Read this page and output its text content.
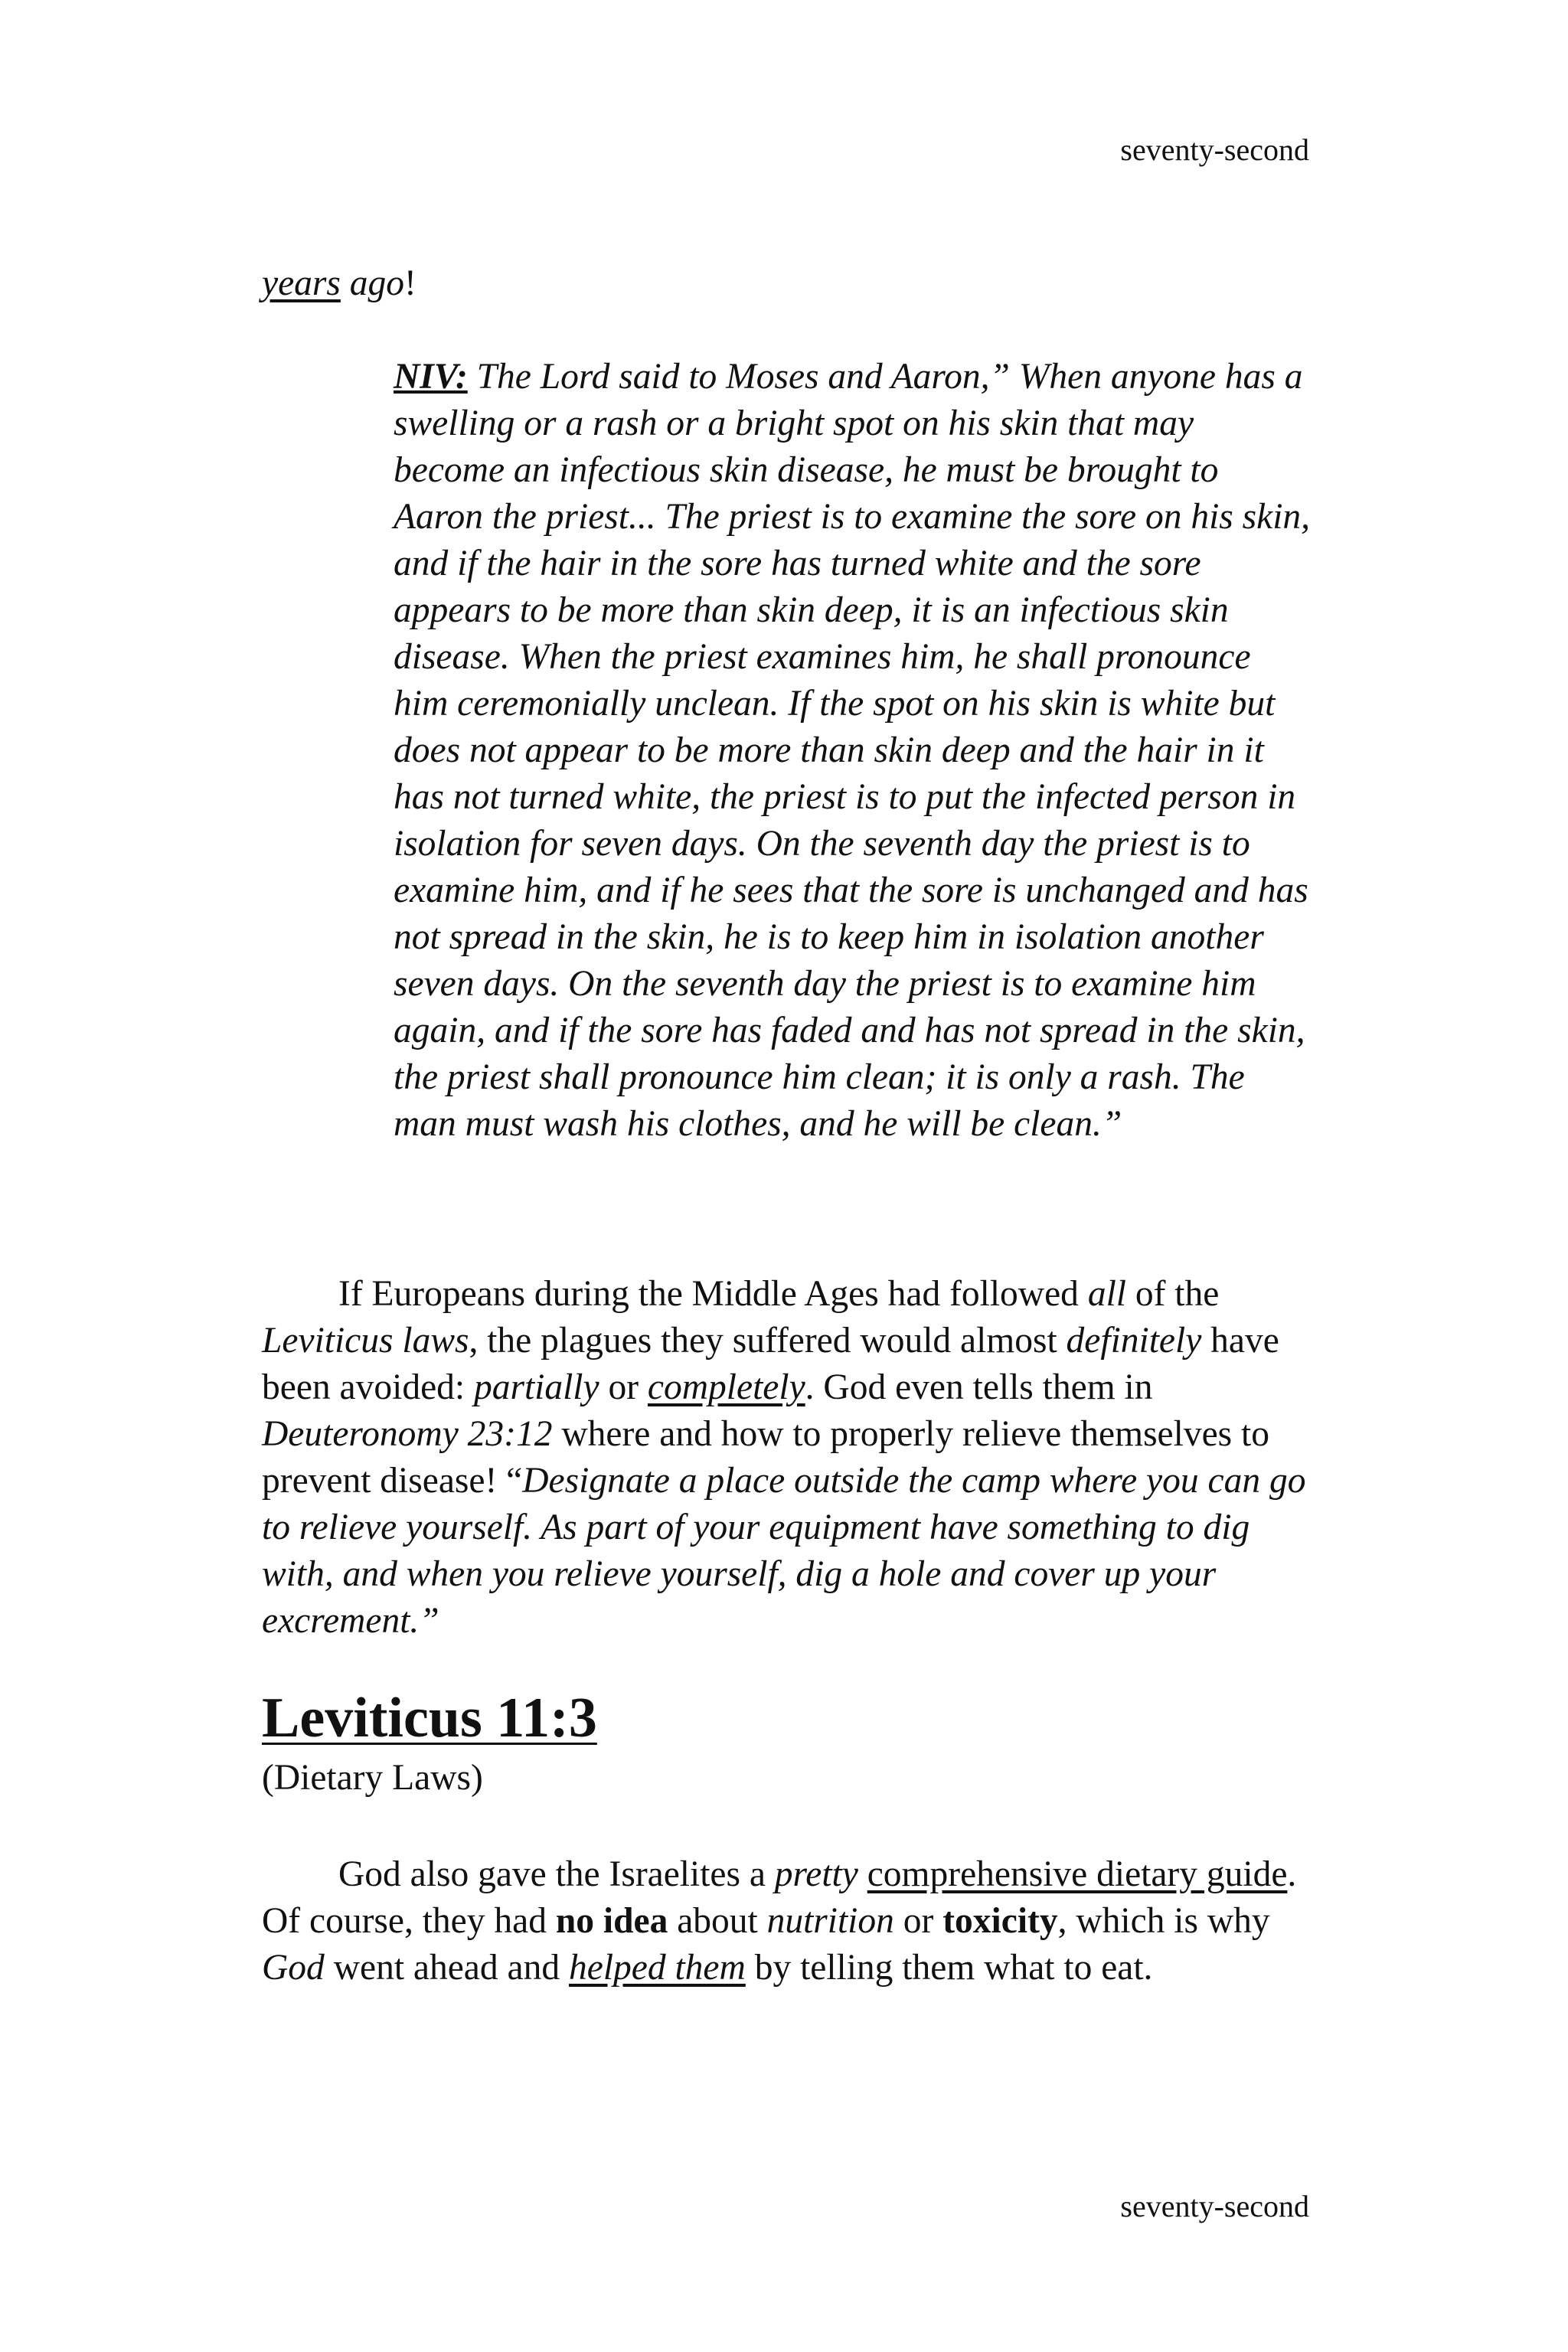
seventy-second

years ago!

NIV: The Lord said to Moses and Aaron,” When anyone has a swelling or a rash or a bright spot on his skin that may become an infectious skin disease, he must be brought to Aaron the priest... The priest is to examine the sore on his skin, and if the hair in the sore has turned white and the sore appears to be more than skin deep, it is an infectious skin disease. When the priest examines him, he shall pronounce him ceremonially unclean. If the spot on his skin is white but does not appear to be more than skin deep and the hair in it has not turned white, the priest is to put the infected person in isolation for seven days. On the seventh day the priest is to examine him, and if he sees that the sore is unchanged and has not spread in the skin, he is to keep him in isolation another seven days. On the seventh day the priest is to examine him again, and if the sore has faded and has not spread in the skin, the priest shall pronounce him clean; it is only a rash. The man must wash his clothes, and he will be clean.”

If Europeans during the Middle Ages had followed all of the Leviticus laws, the plagues they suffered would almost definitely have been avoided: partially or completely. God even tells them in Deuteronomy 23:12 where and how to properly relieve themselves to prevent disease! “Designate a place outside the camp where you can go to relieve yourself. As part of your equipment have something to dig with, and when you relieve yourself, dig a hole and cover up your excrement.”

Leviticus 11:3

(Dietary Laws)

God also gave the Israelites a pretty comprehensive dietary guide. Of course, they had no idea about nutrition or toxicity, which is why God went ahead and helped them by telling them what to eat.

seventy-second
